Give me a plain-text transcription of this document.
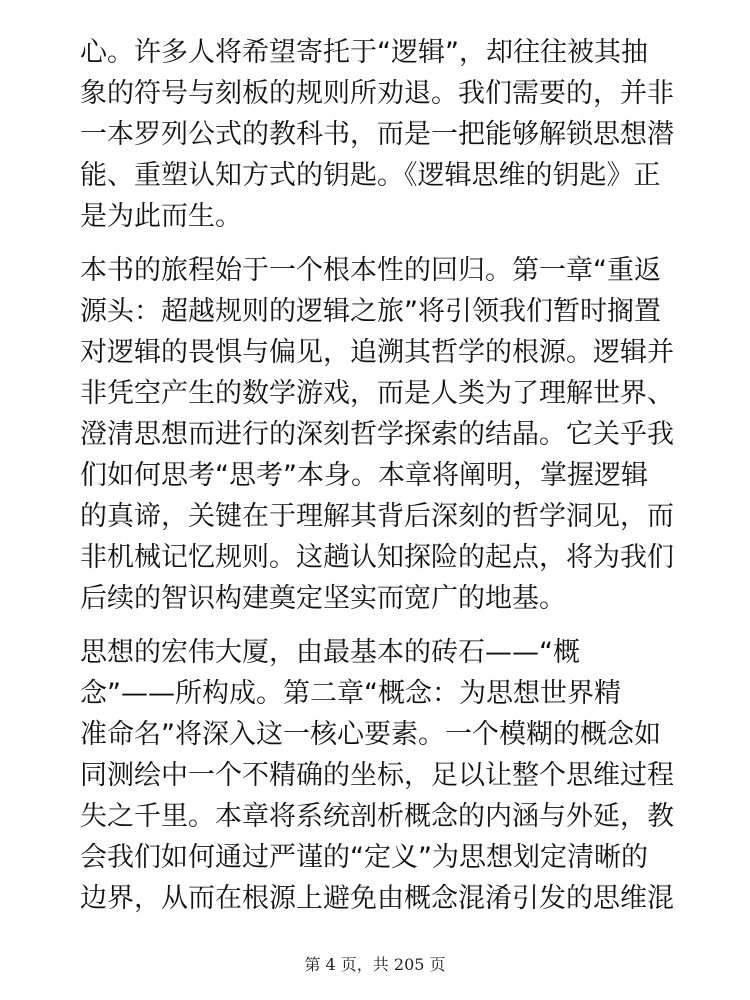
心。许多人将希望寄托于“逻辑”，却往往被其抽
象的符号与刻板的规则所劝退。我们需要的，并非
一本罗列公式的教科书，而是一把能够解锁思想潜
能、重塑认知方式的钥匙。《逻辑思维的钥匙》正
是为此而生。

本书的旅程始于一个根本性的回归。第一章“重返
源头：超越规则的逻辑之旅”将引领我们暂时搁置
对逻辑的畏惧与偏见，追溯其哲学的根源。逻辑并
非凭空产生的数学游戏，而是人类为了理解世界、
澄清思想而进行的深刻哲学探索的结晶。它关乎我
们如何思考“思考”本身。本章将阐明，掌握逻辑
的真谛，关键在于理解其背后深刻的哲学洞见，而
非机械记忆规则。这趟认知探险的起点，将为我们
后续的智识构建奠定坚实而宽广的地基。

思想的宏伟大厦，由最基本的砖石——“概
念”——所构成。第二章“概念：为思想世界精
准命名”将深入这一核心要素。一个模糊的概念如
同测绘中一个不精确的坐标，足以让整个思维过程
失之千里。本章将系统剖析概念的内涵与外延，教
会我们如何通过严谨的“定义”为思想划定清晰的
边界，从而在根源上避免由概念混淆引发的思维混

第 4 页，共 205 页
